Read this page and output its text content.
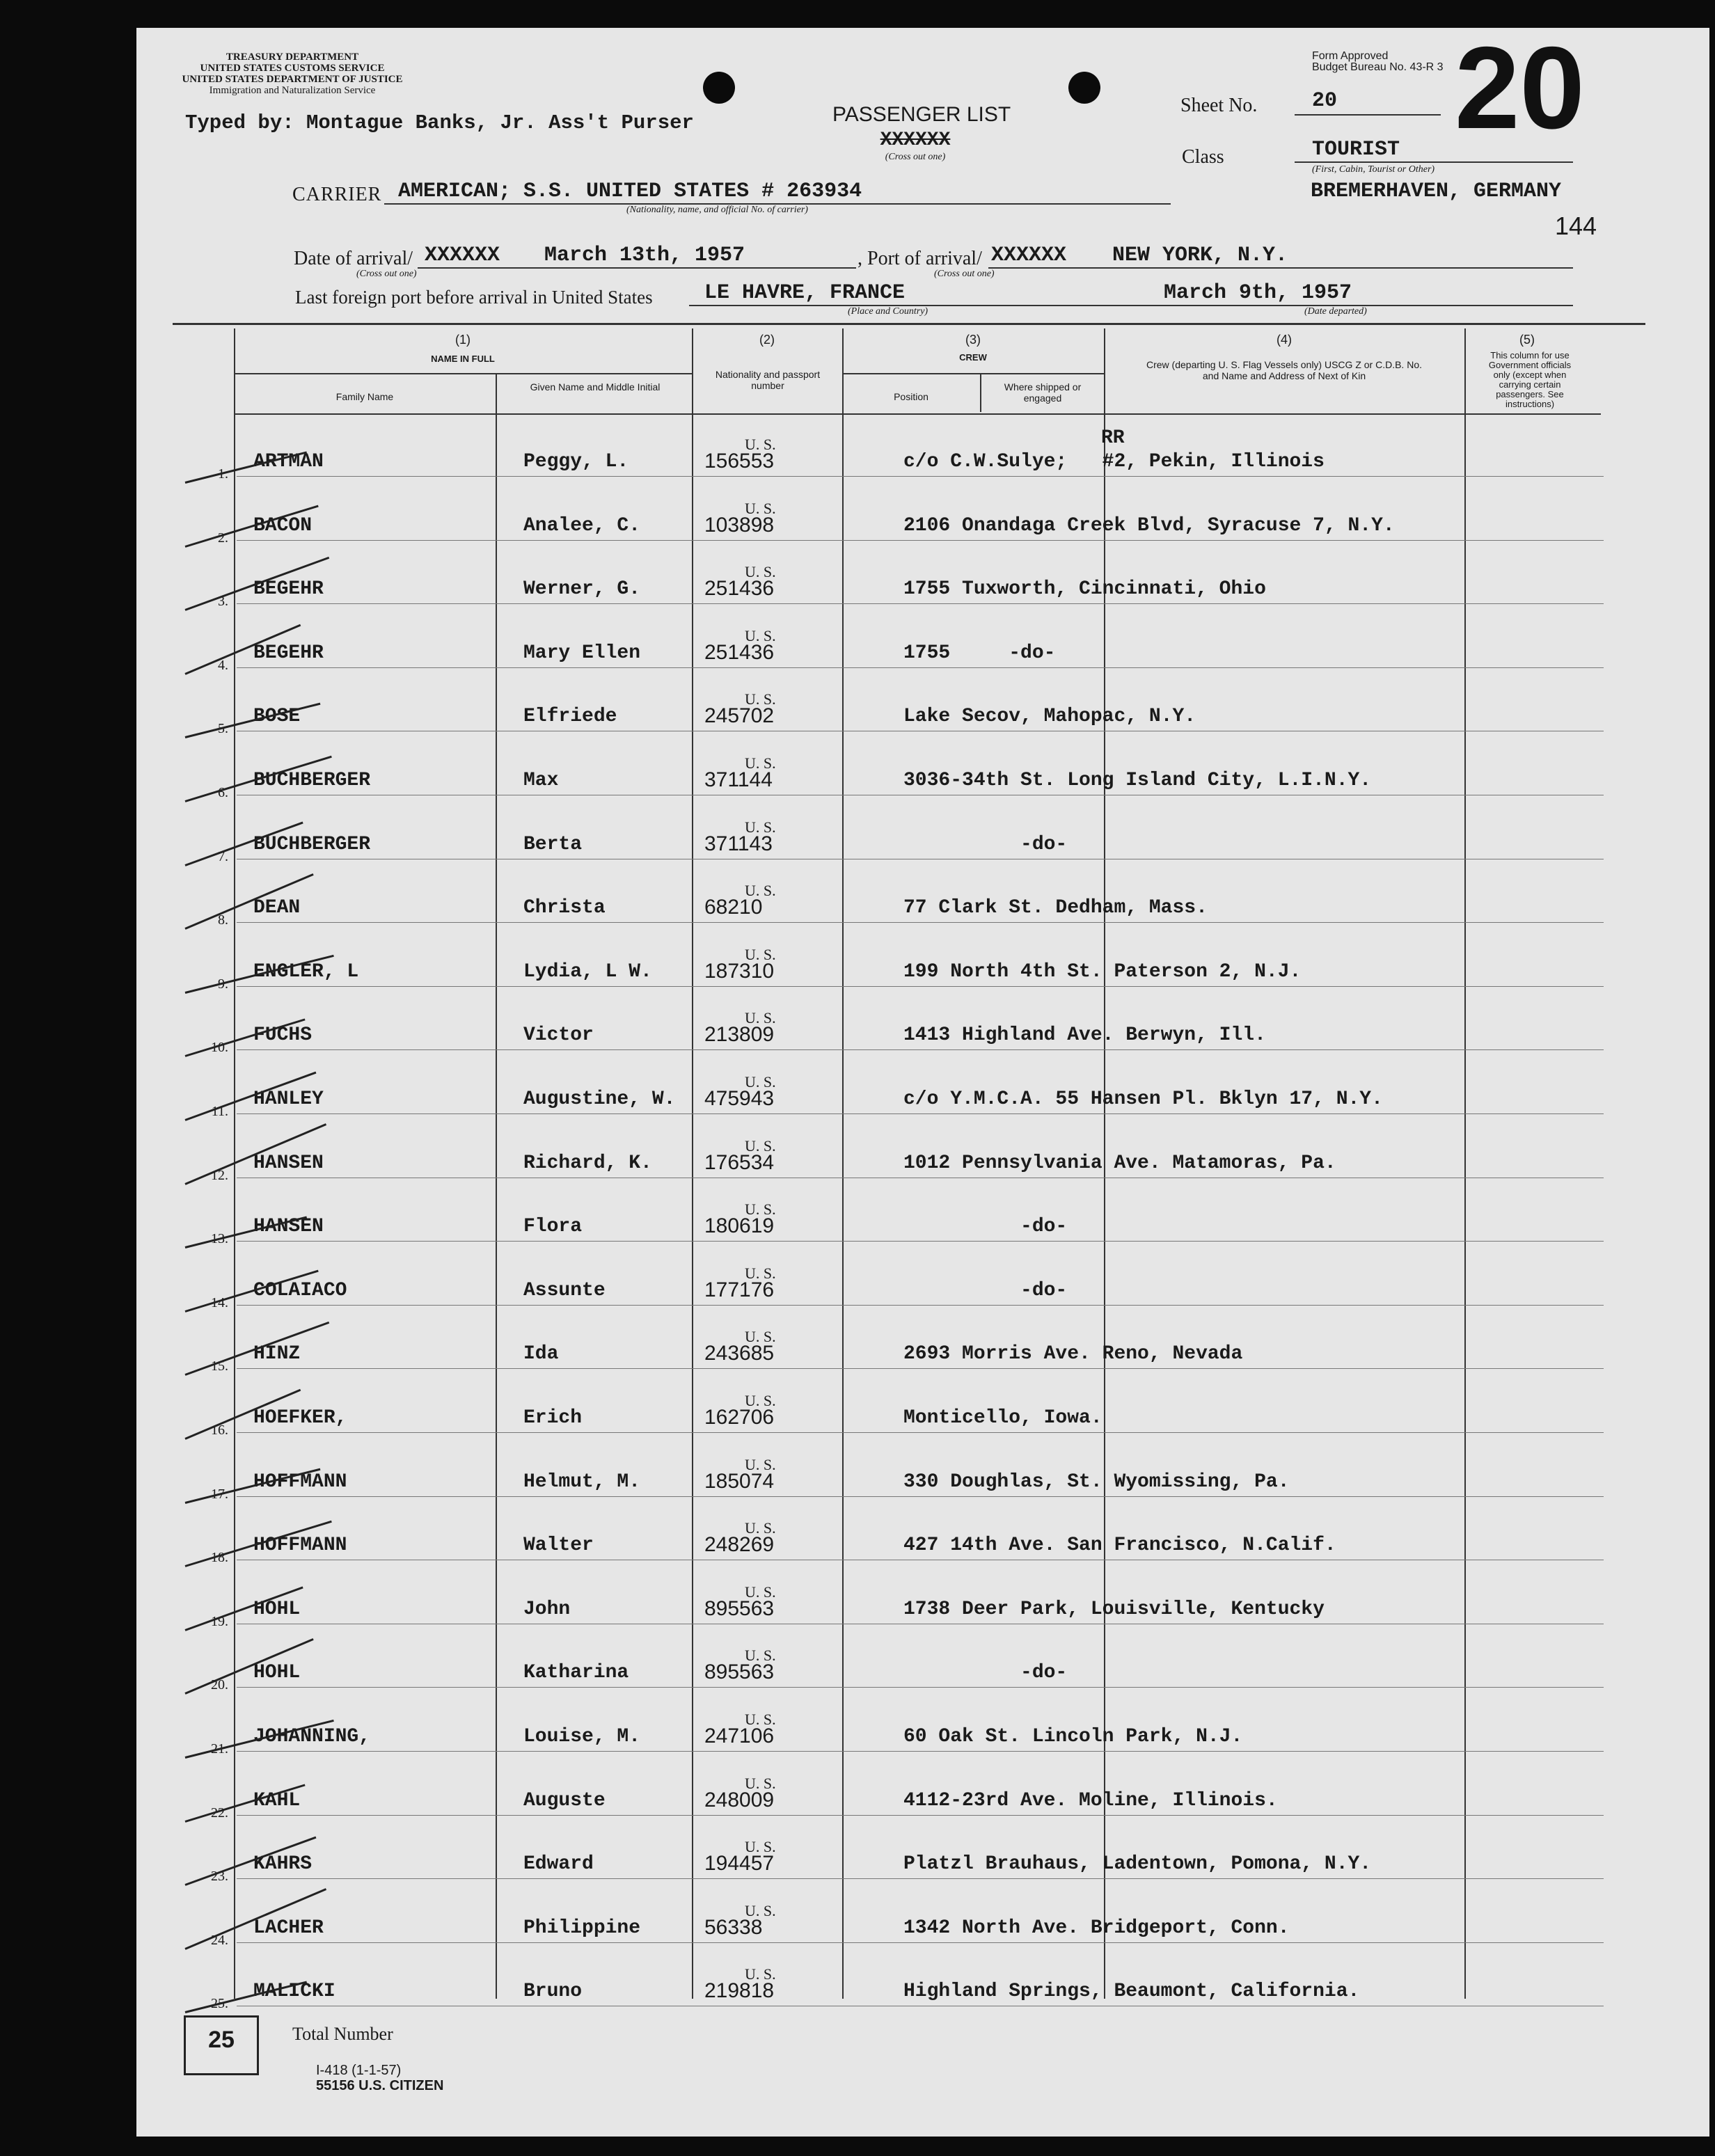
TREASURY DEPARTMENT
UNITED STATES CUSTOMS SERVICE
UNITED STATES DEPARTMENT OF JUSTICE
Immigration and Naturalization Service
Typed by: Montague Banks, Jr. Ass't Purser	PASSENGER LIST
XXXXXX
(Cross out one)
Form Approved
Budget Bureau No. 43-R 3 20
Sheet No.	20
Class	TOURIST
(First, Cabin, Tourist or Other)
BREMERHAVEN, GERMANY
144
CARRIER AMERICAN; S.S. UNITED STATES # 263934
(Nationality, name, and official No. of carrier)
Date of arrival/ XXXXXX March 13th, 1957
(Cross out one)
, Port of arrival/ XXXXXX NEW YORK, N.Y.
(Cross out one)
Last foreign port before arrival in United States LE HAVRE, FRANCE
(Place and Country)
March 9th, 1957
(Date departed)
(1)
NAME IN FULL
Family Name
Given Name and Middle Initial
(2)
Nationality and passport number
(3)
CREW
Position
Where shipped or engaged
(4)
Crew (departing U. S. Flag Vessels only) USCG Z or C.D.B. No. and Name and Address of Next of Kin
(5)
This column for use Government officials only (except when carrying certain passengers. See instructions)
RR
1.
U. S.
ARTMAN	Peggy, L.	156553	c/o C.W.Sulye;   #2, Pekin, Illinois
2.
U. S.
BACON	Analee, C.	103898	2106 Onandaga Creek Blvd, Syracuse 7, N.Y.
3.
U. S.
BEGEHR	Werner, G.	251436	1755 Tuxworth, Cincinnati, Ohio
4.
U. S.
BEGEHR	Mary Ellen	251436	1755     -do-
5.
U. S.
BOSE	Elfriede	245702	Lake Secov, Mahopac, N.Y.
6.
U. S.
BUCHBERGER	Max	371144	3036-34th St. Long Island City, L.I.N.Y.
7.
U. S.
BUCHBERGER	Berta	371143	-do-
8.
U. S.
DEAN	Christa	68210	77 Clark St. Dedham, Mass.
9.
U. S.
ENGLER, L	Lydia, L W.	187310	199 North 4th St. Paterson 2, N.J.
10.
U. S.
FUCHS	Victor	213809	1413 Highland Ave. Berwyn, Ill.
11.
U. S.
HANLEY	Augustine, W. 475943	c/o Y.M.C.A. 55 Hansen Pl. Bklyn 17, N.Y.
12.
U. S.
HANSEN	Richard, K.	176534	1012 Pennsylvania Ave. Matamoras, Pa.
13.
U. S.
HANSEN	Flora	180619	-do-
14.
U. S.
COLAIACO	Assunte	177176	-do-
15.
U. S.
HINZ	Ida	243685	2693 Morris Ave. Reno, Nevada
16.
U. S.
HOEFKER,	Erich	162706	Monticello, Iowa.
17.
U. S.
HOFFMANN	Helmut, M.	185074	330 Doughlas, St. Wyomissing, Pa.
18.
U. S.
HOFFMANN	Walter	248269	427 14th Ave. San Francisco, N.Calif.
19.
U. S.
HOHL	John	895563	1738 Deer Park, Louisville, Kentucky
20.
U. S.
HOHL	Katharina	895563	-do-
21.
U. S.
JOHANNING,	Louise, M.	247106	60 Oak St. Lincoln Park, N.J.
22.
U. S.
KAHL	Auguste	248009	4112-23rd Ave. Moline, Illinois.
23.
U. S.
KAHRS	Edward	194457	Platzl Brauhaus, Ladentown, Pomona, N.Y.
24.
U. S.
LACHER	Philippine	56338	1342 North Ave. Bridgeport, Conn.
25.
U. S.
MALICKI	Bruno	219818	Highland Springs, Beaumont, California.
25	Total Number
I-418 (1-1-57)
55156 U.S. CITIZEN
